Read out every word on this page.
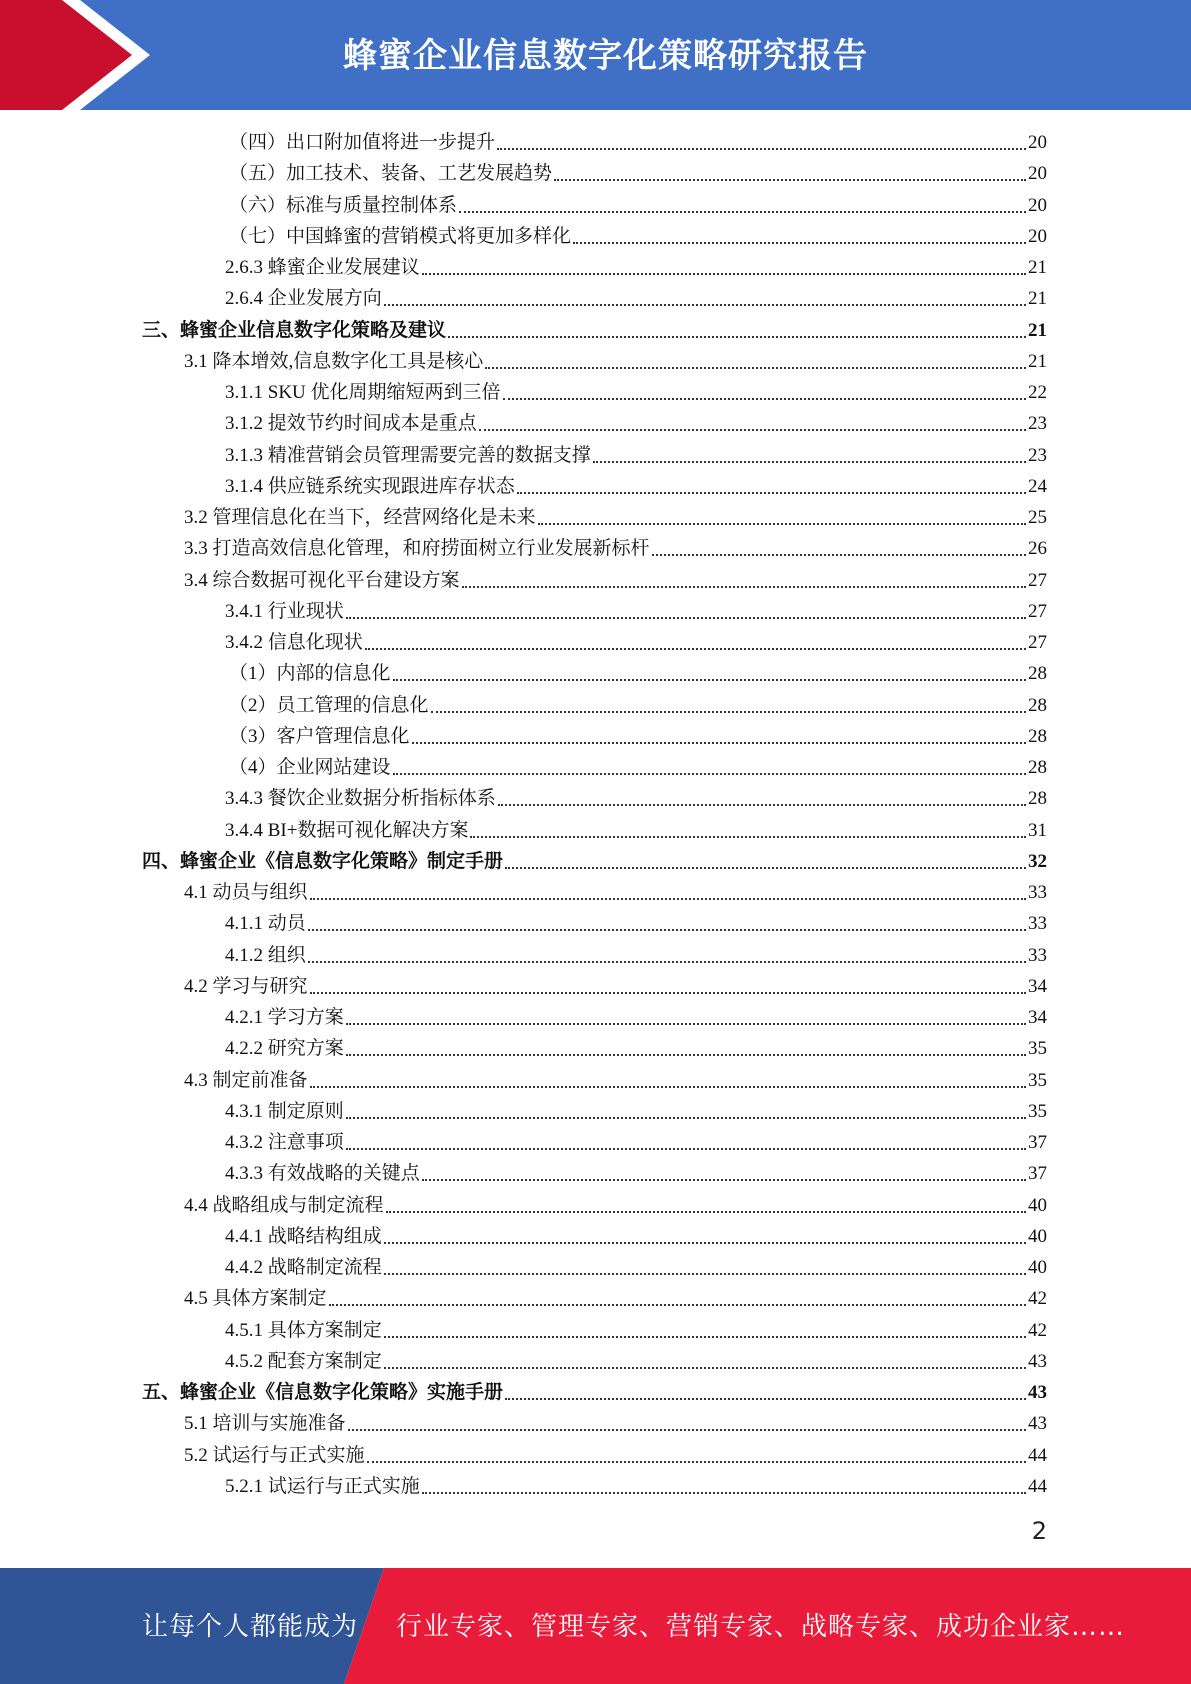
蜂蜜企业信息数字化策略研究报告
（四）出口附加值将进一步提升	20
（五）加工技术、装备、工艺发展趋势	20
（六）标准与质量控制体系	20
（七）中国蜂蜜的营销模式将更加多样化	20
2.6.3 蜂蜜企业发展建议	21
2.6.4 企业发展方向	21
三、蜂蜜企业信息数字化策略及建议	21
3.1 降本增效,信息数字化工具是核心	21
3.1.1 SKU 优化周期缩短两到三倍	22
3.1.2 提效节约时间成本是重点	23
3.1.3 精准营销会员管理需要完善的数据支撑	23
3.1.4 供应链系统实现跟进库存状态	24
3.2 管理信息化在当下，经营网络化是未来	25
3.3 打造高效信息化管理，和府捞面树立行业发展新标杆	26
3.4 综合数据可视化平台建设方案	27
3.4.1 行业现状	27
3.4.2 信息化现状	27
（1）内部的信息化	28
（2）员工管理的信息化	28
（3）客户管理信息化	28
（4）企业网站建设	28
3.4.3 餐饮企业数据分析指标体系	28
3.4.4 BI+数据可视化解决方案	31
四、蜂蜜企业《信息数字化策略》制定手册	32
4.1 动员与组织	33
4.1.1 动员	33
4.1.2 组织	33
4.2 学习与研究	34
4.2.1 学习方案	34
4.2.2 研究方案	35
4.3 制定前准备	35
4.3.1 制定原则	35
4.3.2 注意事项	37
4.3.3 有效战略的关键点	37
4.4 战略组成与制定流程	40
4.4.1 战略结构组成	40
4.4.2 战略制定流程	40
4.5 具体方案制定	42
4.5.1 具体方案制定	42
4.5.2 配套方案制定	43
五、蜂蜜企业《信息数字化策略》实施手册	43
5.1 培训与实施准备	43
5.2 试运行与正式实施	44
5.2.1 试运行与正式实施	44
2
让每个人都能成为 行业专家、管理专家、营销专家、战略专家、成功企业家……
